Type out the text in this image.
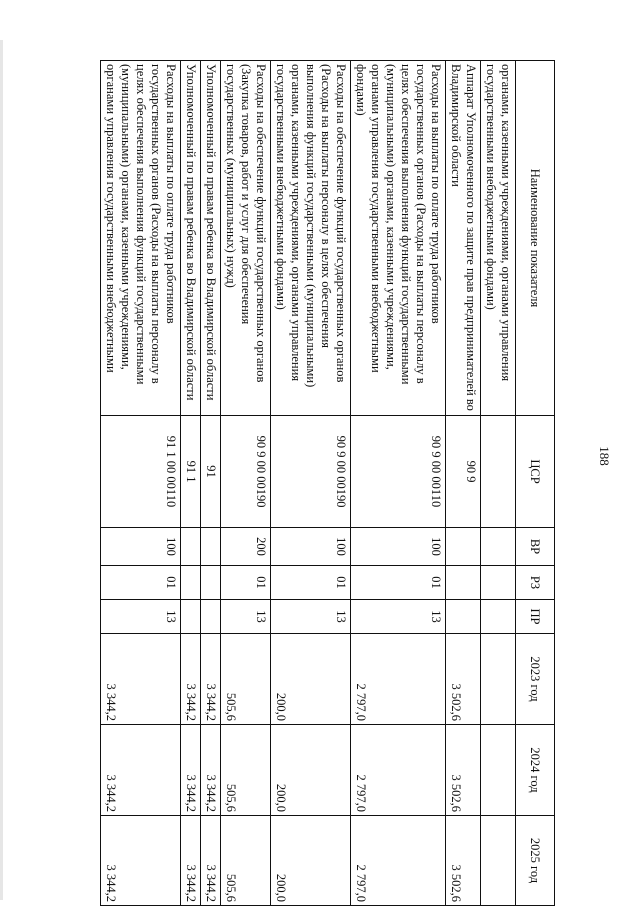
188
Наименование показателя	ЦСР	ВР	РЗ	ПР	2023 год	2024 год	2025 год
органами, казенными учреждениями, органами управления государственными внебюджетными фондами)							
Аппарат Уполномоченного по защите прав предпринимателей во Владимирской области	90 9				3 502,6	3 502,6	3 502,6
Расходы на выплаты по оплате труда работников государственных органов (Расходы на выплаты персоналу в целях обеспечения выполнения функций государственными (муниципальными) органами, казенными учреждениями, органами управления государственными внебюджетными фондами)	90 9 00 00110	100	01	13	2 797,0	2 797,0	2 797,0
Расходы на обеспечение функций государственных органов (Расходы на выплаты персоналу в целях обеспечения выполнения функций государственными (муниципальными) органами, казенными учреждениями, органами управления государственными внебюджетными фондами)	90 9 00 00190	100	01	13	200,0	200,0	200,0
Расходы на обеспечение функций государственных органов (Закупка товаров, работ и услуг для обеспечения государственных (муниципальных) нужд)	90 9 00 00190	200	01	13	505,6	505,6	505,6
Уполномоченный по правам ребенка во Владимирской области	91				3 344,2	3 344,2	3 344,2
Уполномоченный по правам ребенка во Владимирской области	91 1				3 344,2	3 344,2	3 344,2
Расходы на выплаты по оплате труда работников государственных органов (Расходы на выплаты персоналу в целях обеспечения выполнения функций государственными (муниципальными) органами, казенными учреждениями, органами управления государственными внебюджетными	91 1 00 00110	100	01	13	3 344,2	3 344,2	3 344,2
